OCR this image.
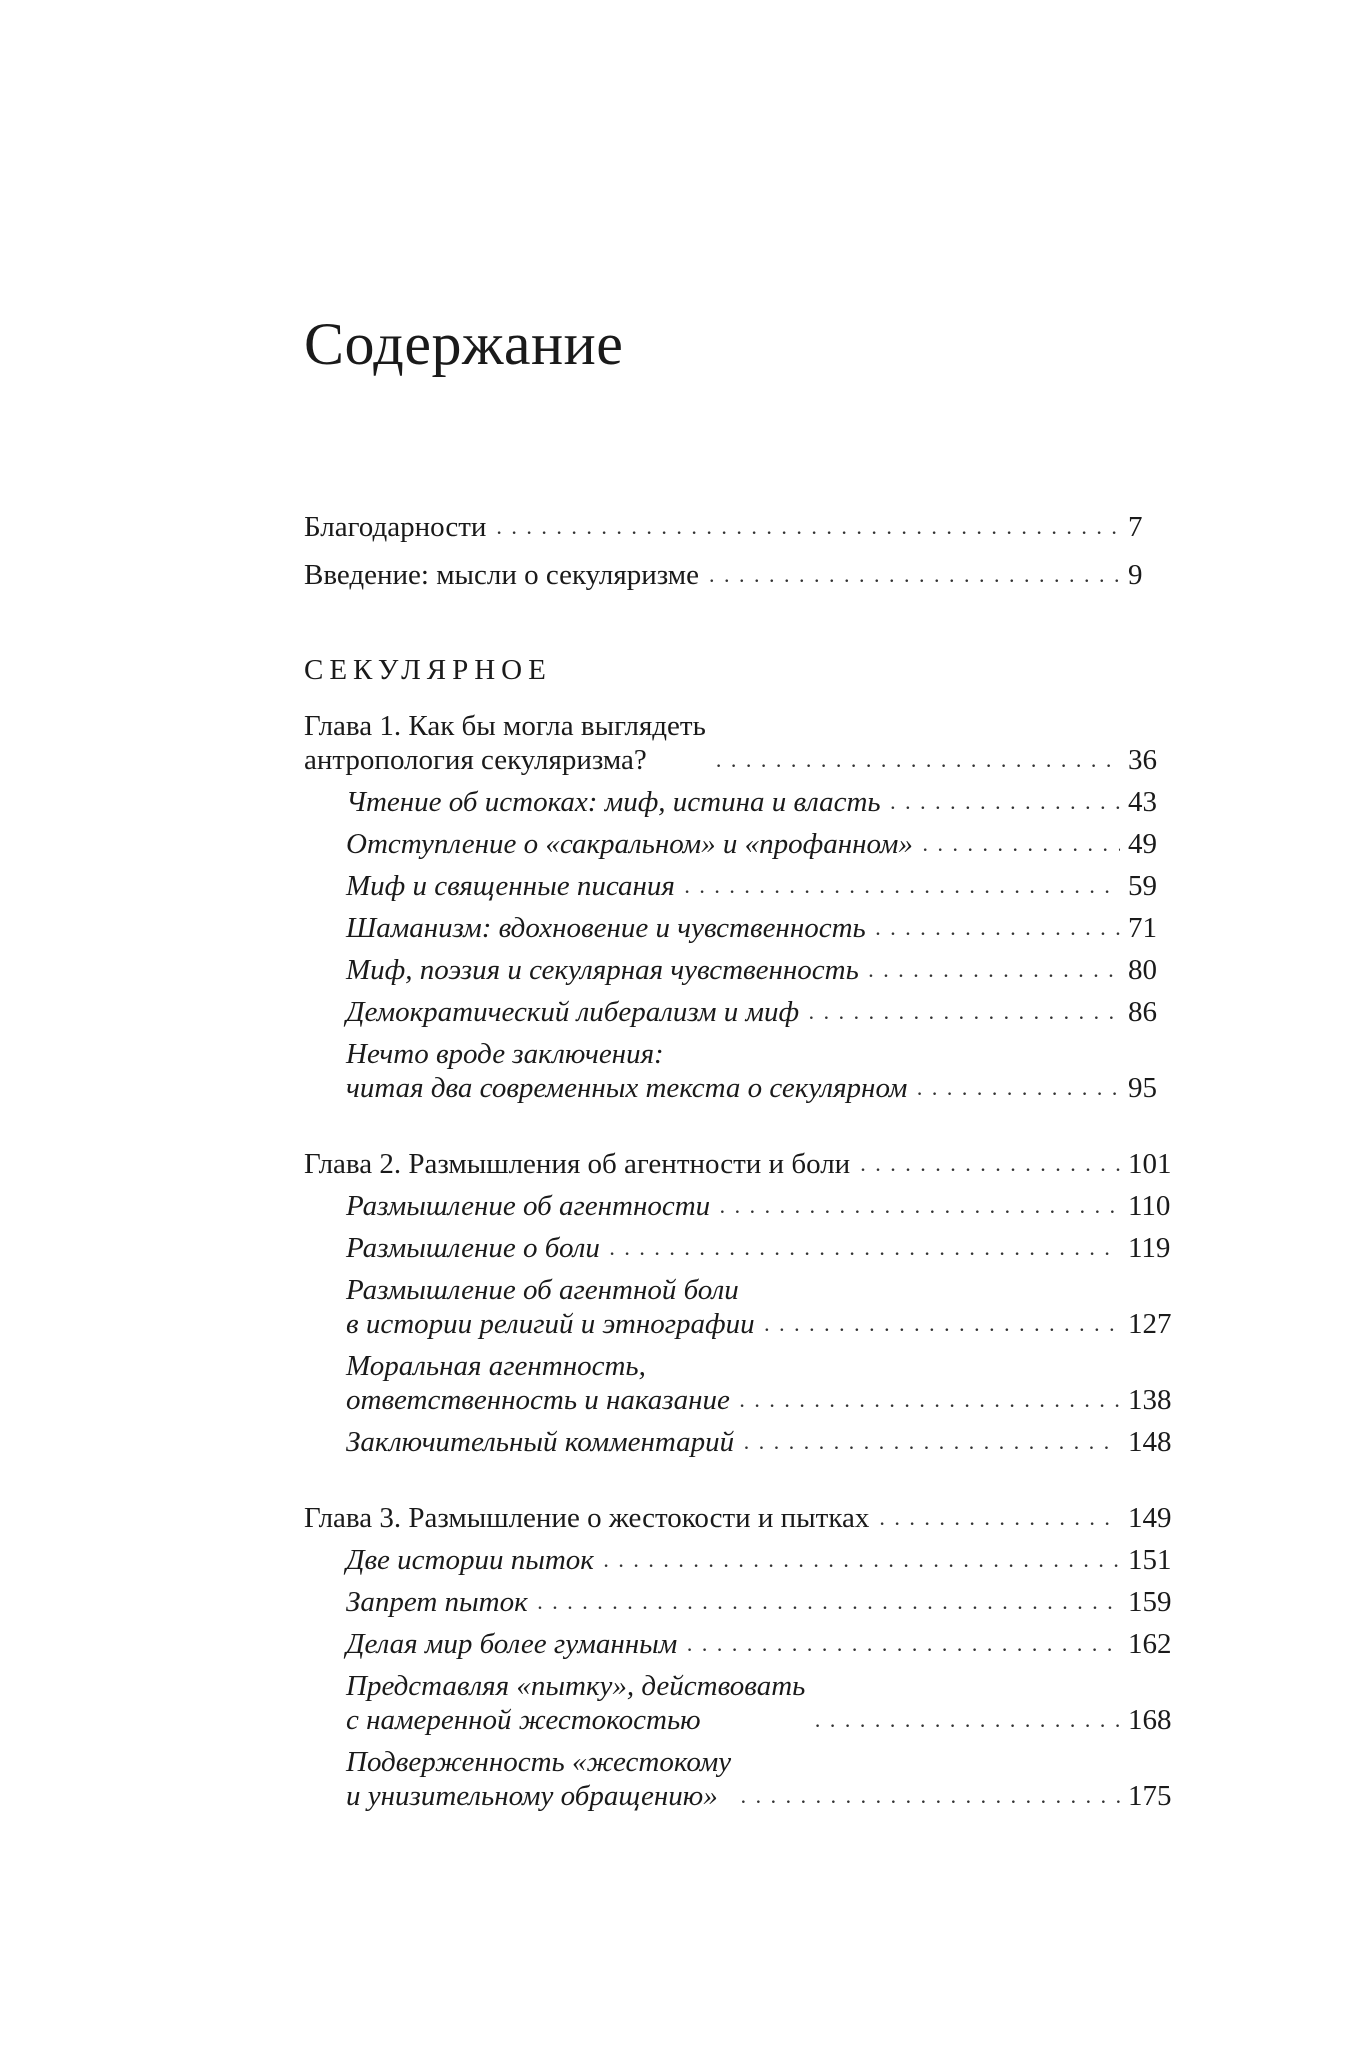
Содержание
Благодарности . . .	7
Введение: мысли о секуляризме . . .	9
СЕКУЛЯРНОЕ
Глава 1. Как бы могла выглядеть
антропология секуляризма? . . .	36
Чтение об истоках: миф, истина и власть . . .	43
Отступление о «сакральном» и «профанном» . . .	49
Миф и священные писания . . .	59
Шаманизм: вдохновение и чувственность . . .	71
Миф, поэзия и секулярная чувственность . . .	80
Демократический либерализм и миф . . .	86
Нечто вроде заключения:
читая два современных текста о секулярном . . .	95
Глава 2. Размышления об агентности и боли . . .	101
Размышление об агентности . . .	110
Размышление о боли . . .	119
Размышление об агентной боли
в истории религий и этнографии . . .	127
Моральная агентность,
ответственность и наказание . . .	138
Заключительный комментарий . . .	148
Глава 3. Размышление о жестокости и пытках . . .	149
Две истории пыток . . .	151
Запрет пыток . . .	159
Делая мир более гуманным . . .	162
Представляя «пытку», действовать
с намеренной жестокостью . . .	168
Подверженность «жестокому
и унизительному обращению» . . .	175
